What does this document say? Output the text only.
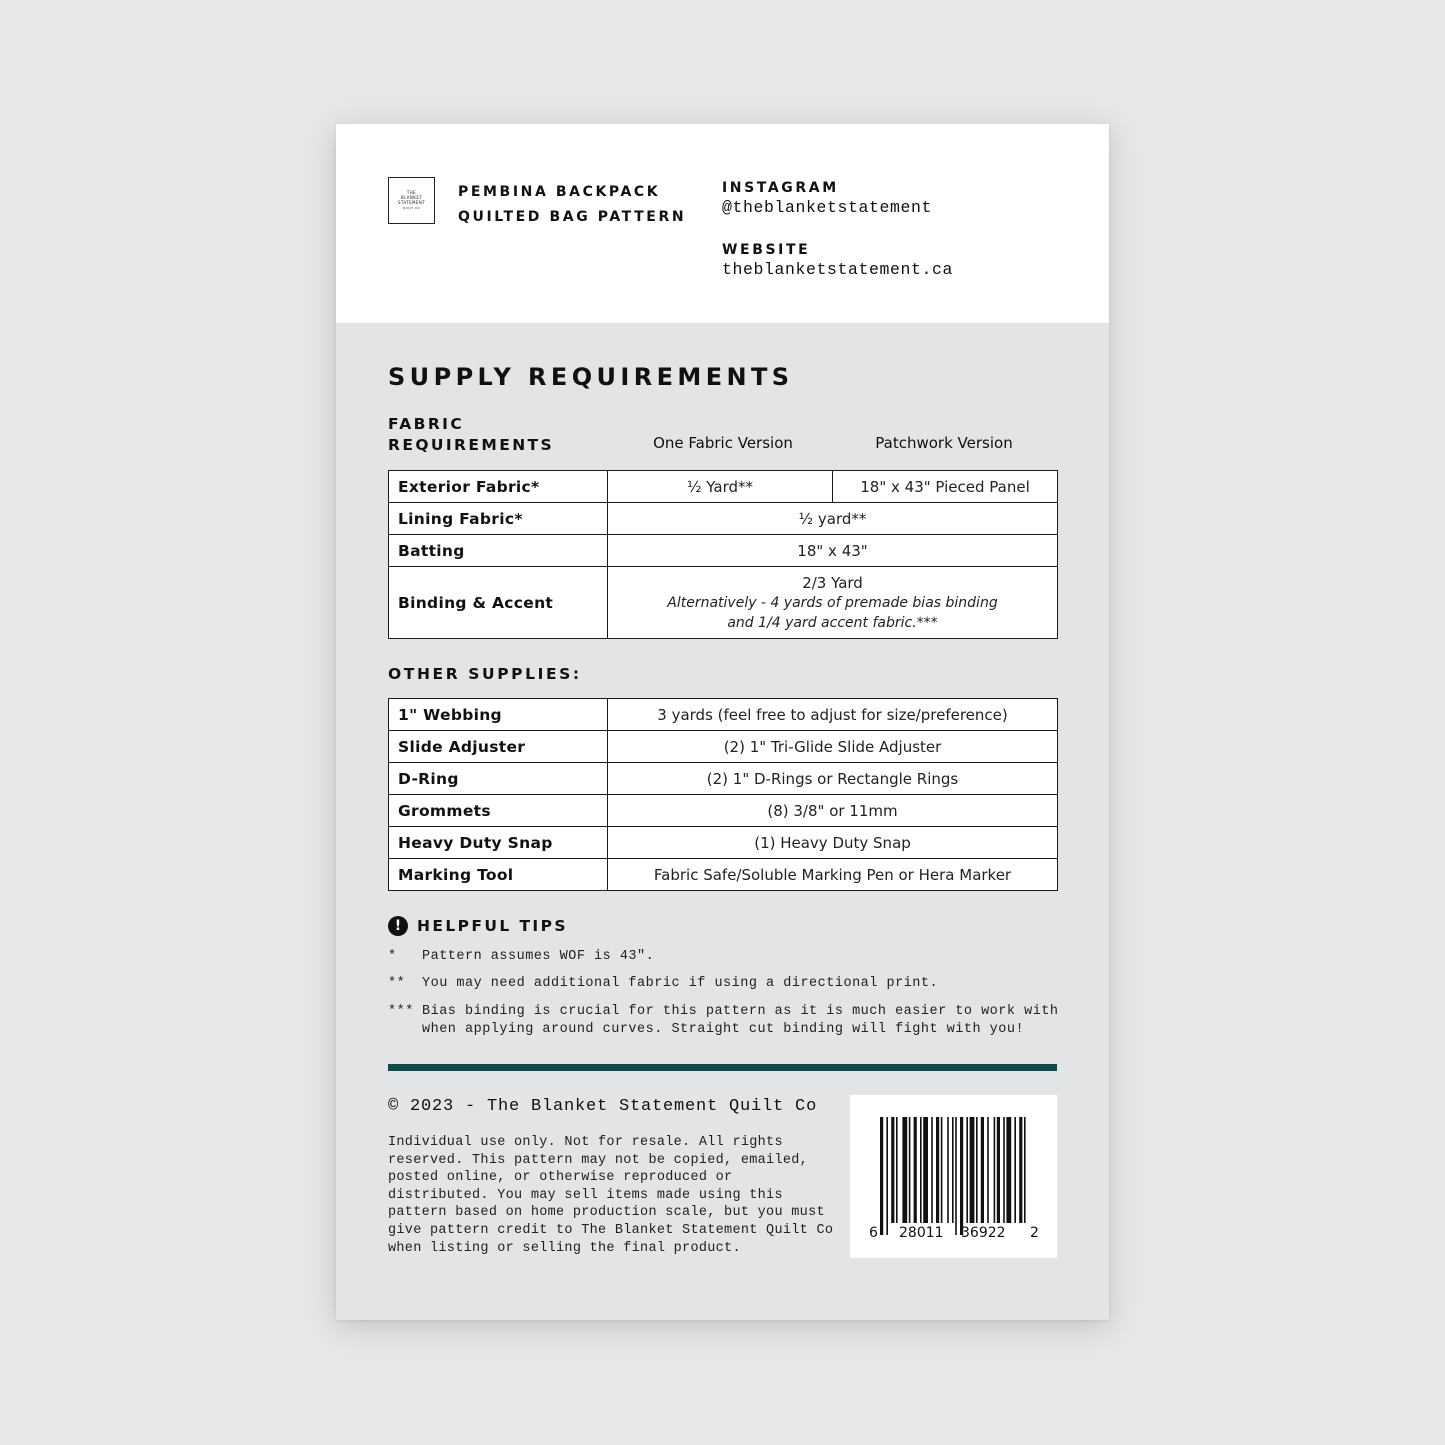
THE
BLANKET
STATEMENT
QUILT CO
PEMBINA BACKPACK
QUILTED BAG PATTERN
INSTAGRAM
@theblanketstatement
WEBSITE
theblanketstatement.ca
SUPPLY REQUIREMENTS
FABRIC
REQUIREMENTS	One Fabric Version	Patchwork Version
Exterior Fabric*	½ Yard**	18" x 43" Pieced Panel
Lining Fabric*	½ yard**	
Batting	18" x 43"	
Binding & Accent	2/3 Yard
Alternatively - 4 yards of premade bias binding
and 1/4 yard accent fabric.***	
OTHER SUPPLIES:
1" Webbing	3 yards (feel free to adjust for size/preference)
Slide Adjuster	(2) 1" Tri-Glide Slide Adjuster
D-Ring	(2) 1" D-Rings or Rectangle Rings
Grommets	(8) 3/8" or 11mm
Heavy Duty Snap	(1) Heavy Duty Snap
Marking Tool	Fabric Safe/Soluble Marking Pen or Hera Marker
!	HELPFUL TIPS
*	Pattern assumes WOF is 43".
**	You may need additional fabric if using a directional print.
*** Bias binding is crucial for this pattern as it is much easier to work with when applying around curves. Straight cut binding will fight with you!
© 2023 - The Blanket Statement Quilt Co
Individual use only. Not for resale. All rights reserved. This pattern may not be copied, emailed, posted online, or otherwise reproduced or distributed. You may sell items made using this pattern based on home production scale, but you must give pattern credit to The Blanket Statement Quilt Co when listing or selling the final product.
6 28011 36922 2
